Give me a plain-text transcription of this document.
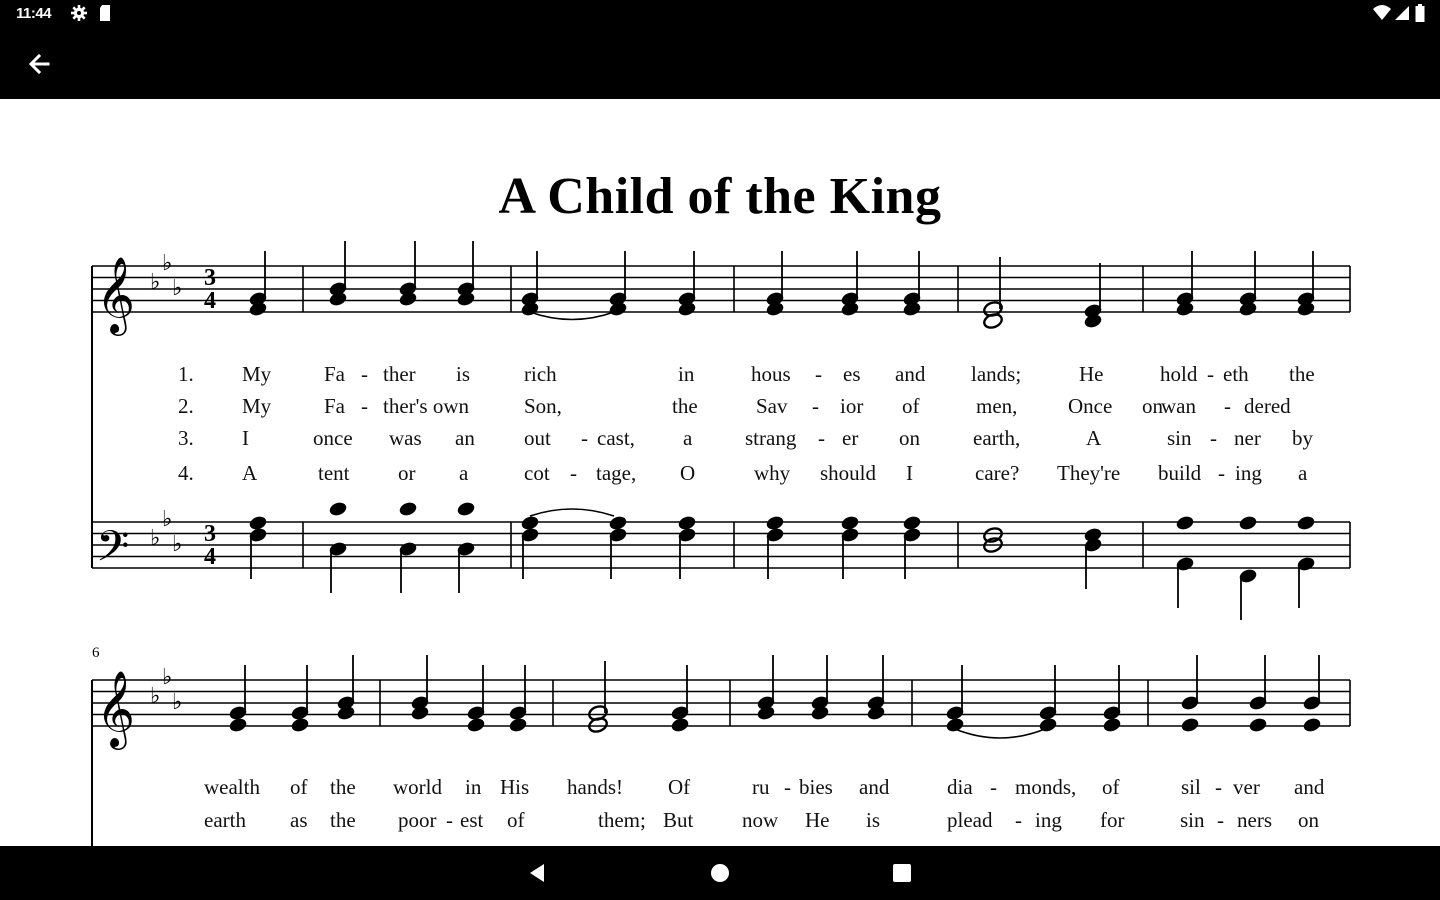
11:44
A Child of the King
𝄞
𝄢
♭
♭
♭
♭
♭
♭
3
4
3
4
6
𝄞 ♭
♭
♭
1.
2.
3.
4.
My	Fa - ther is	rich	in	hous - es and lands;	He	hold - eth the
My	Fa - ther's own	Son,	the	Sav - ior of	men, Once wan - dered
on
I	once was an out - cast, a	strang - er on	earth,	A	sin - ner by
A	tent or a	cot - tage, O	why should I	care? They're build - ing a
wealth of the world in His hands! Of	ru - bies and	dia - monds, of	sil - ver and
earth as the poor - est of	them; But now He is	plead - ing for	sin - ners on
